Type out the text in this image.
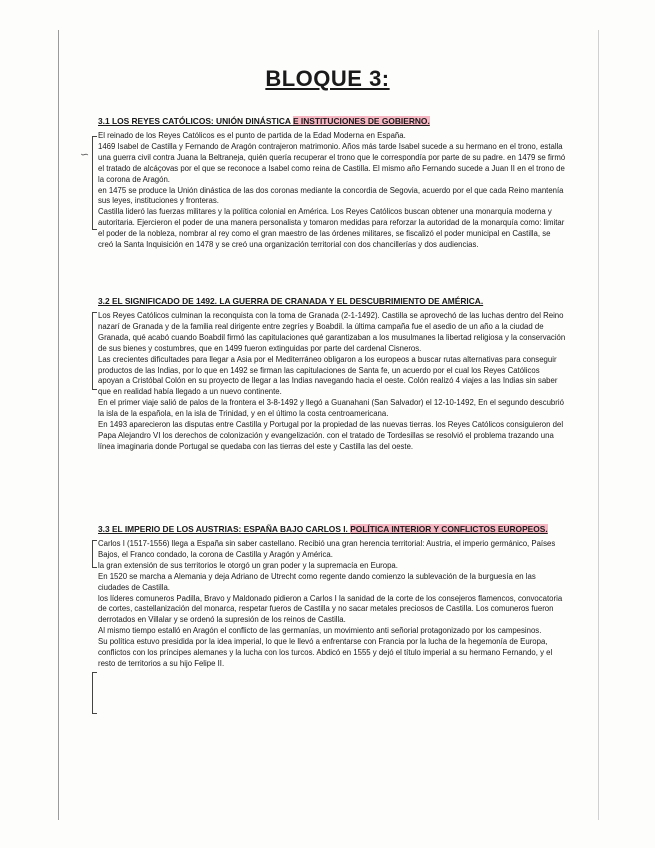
BLOQUE 3:
3.1 LOS REYES CATÓLICOS: UNIÓN DINÁSTICA E INSTITUCIONES DE GOBIERNO.

El reinado de los Reyes Católicos es el punto de partida de la Edad Moderna en España.

1469 Isabel de Castilla y Fernando de Aragón contrajeron matrimonio. Años más tarde Isabel sucede a su hermano en el trono, estalla una guerra civil contra Juana la Beltraneja, quién quería recuperar el trono que le correspondía por parte de su padre. en 1479 se firmó el tratado de alcáçovas por el que se reconoce a Isabel como reina de Castilla. El mismo año Fernando sucede a Juan II en el trono de la corona de Aragón.

en 1475 se produce la Unión dinástica de las dos coronas mediante la concordia de Segovia, acuerdo por el que cada Reino mantenía sus leyes, instituciones y fronteras.

Castilla lideró las fuerzas militares y la política colonial en América. Los Reyes Católicos buscan obtener una monarquía moderna y autoritaria. Ejercieron el poder de una manera personalista y tomaron medidas para reforzar la autoridad de la monarquía como: limitar el poder de la nobleza, nombrar al rey como el gran maestro de las órdenes militares, se fiscalizó el poder municipal en Castilla, se creó la Santa Inquisición en 1478 y se creó una organización territorial con dos chancillerías y dos audiencias.

3.2 EL SIGNIFICADO DE 1492. LA GUERRA DE CRANADA Y EL DESCUBRIMIENTO DE AMÉRICA.

Los Reyes Católicos culminan la reconquista con la toma de Granada (2-1-1492). Castilla se aprovechó de las luchas dentro del Reino nazarí de Granada y de la familia real dirigente entre zegríes y Boabdil. la última campaña fue el asedio de un año a la ciudad de Granada, qué acabó cuando Boabdil firmó las capitulaciones qué garantizaban a los musulmanes la libertad religiosa y la conservación de sus bienes y costumbres, que en 1499 fueron extinguidas por parte del cardenal Cisneros.

Las crecientes dificultades para llegar a Asia por el Mediterráneo obligaron a los europeos a buscar rutas alternativas para conseguir productos de las Indias, por lo que en 1492 se firman las capitulaciones de Santa fe, un acuerdo por el cual los Reyes Católicos apoyan a Cristóbal Colón en su proyecto de llegar a las Indias navegando hacia el oeste. Colón realizó 4 viajes a las Indias sin saber que en realidad había llegado a un nuevo continente.

En el primer viaje salió de palos de la frontera el 3-8-1492 y llegó a Guanahani (San Salvador) el 12-10-1492, En el segundo descubrió la isla de la española, en la isla de Trinidad, y en el último la costa centroamericana.

En 1493 aparecieron las disputas entre Castilla y Portugal por la propiedad de las nuevas tierras. los Reyes Católicos consiguieron del Papa Alejandro VI los derechos de colonización y evangelización. con el tratado de Tordesillas se resolvió el problema trazando una línea imaginaria donde Portugal se quedaba con las tierras del este y Castilla las del oeste.

3.3 EL IMPERIO DE LOS AUSTRIAS: ESPAÑA BAJO CARLOS I. POLÍTICA INTERIOR Y CONFLICTOS EUROPEOS.

Carlos I (1517-1556) llega a España sin saber castellano. Recibió una gran herencia territorial: Austria, el imperio germánico, Países Bajos, el Franco condado, la corona de Castilla y Aragón y América.

la gran extensión de sus territorios le otorgó un gran poder y la supremacía en Europa.

En 1520 se marcha a Alemania y deja Adriano de Utrecht como regente dando comienzo la sublevación de la burguesía en las ciudades de Castilla.

los líderes comuneros Padilla, Bravo y Maldonado pidieron a Carlos I la sanidad de la corte de los consejeros flamencos, convocatoria de cortes, castellanización del monarca, respetar fueros de Castilla y no sacar metales preciosos de Castilla. Los comuneros fueron derrotados en Villalar y se ordenó la supresión de los reinos de Castilla.

Al mismo tiempo estalló en Aragón el conflicto de las germanías, un movimiento anti señorial protagonizado por los campesinos.

Su política estuvo presidida por la idea imperial, lo que le llevó a enfrentarse con Francia por la lucha de la hegemonía de Europa, conflictos con los príncipes alemanes y la lucha con los turcos. Abdicó en 1555 y dejó el título imperial a su hermano Fernando, y el resto de territorios a su hijo Felipe II.

∽
